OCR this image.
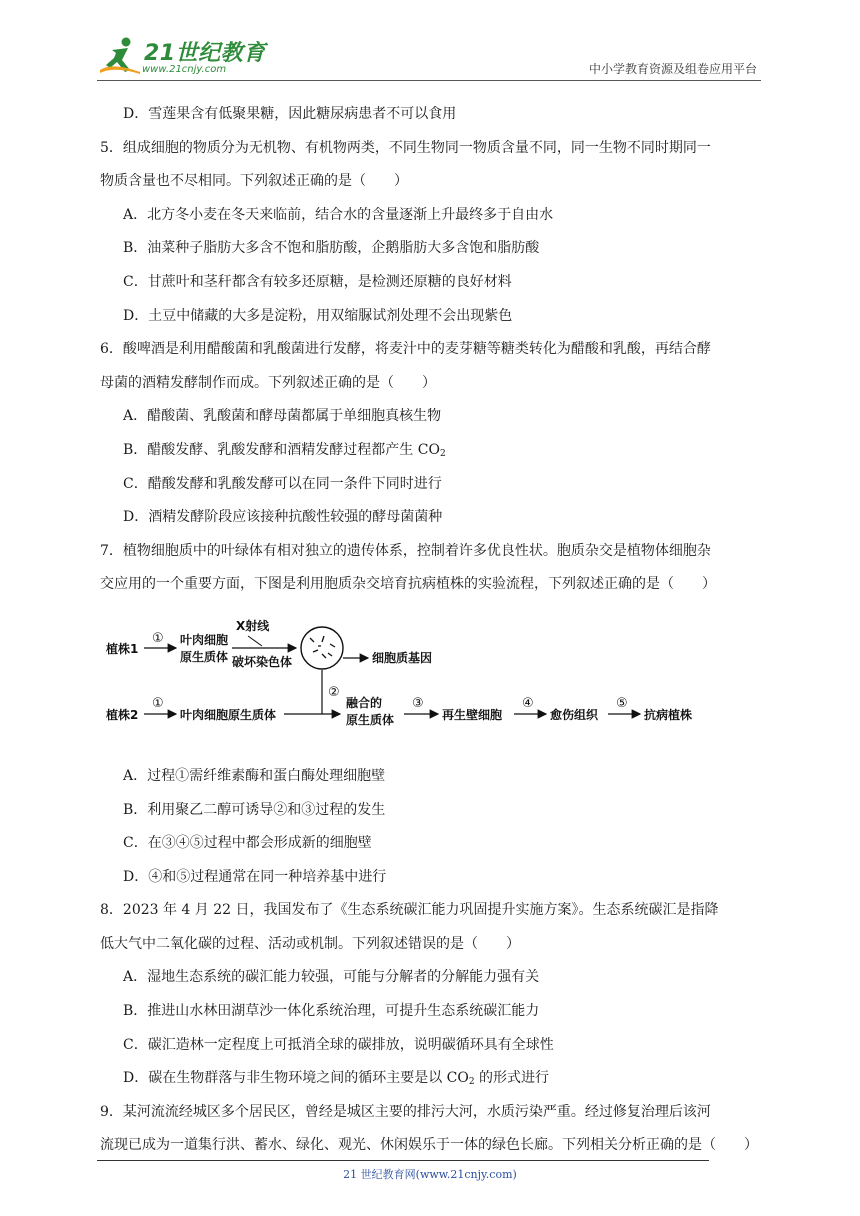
21世纪教育
www.21cnjy.com	中小学教育资源及组卷应用平台
D．雪莲果含有低聚果糖，因此糖尿病患者不可以食用
5．组成细胞的物质分为无机物、有机物两类，不同生物同一物质含量不同，同一生物不同时期同一
物质含量也不尽相同。下列叙述正确的是（　　）
A．北方冬小麦在冬天来临前，结合水的含量逐渐上升最终多于自由水
B．油菜种子脂肪大多含不饱和脂肪酸，企鹅脂肪大多含饱和脂肪酸
C．甘蔗叶和茎秆都含有较多还原糖，是检测还原糖的良好材料
D．土豆中储藏的大多是淀粉，用双缩脲试剂处理不会出现紫色
6．酸啤酒是利用醋酸菌和乳酸菌进行发酵，将麦汁中的麦芽糖等糖类转化为醋酸和乳酸，再结合酵
母菌的酒精发酵制作而成。下列叙述正确的是（　　）
A．醋酸菌、乳酸菌和酵母菌都属于单细胞真核生物
B．醋酸发酵、乳酸发酵和酒精发酵过程都产生 $CO_2$
C．醋酸发酵和乳酸发酵可以在同一条件下同时进行
D．酒精发酵阶段应该接种抗酸性较强的酵母菌菌种
7．植物细胞质中的叶绿体有相对独立的遗传体系，控制着许多优良性状。胞质杂交是植物体细胞杂
交应用的一个重要方面，下图是利用胞质杂交培育抗病植株的实验流程，下列叙述正确的是（　　）
植株1
① 叶肉细胞
原生质体
X射线
破坏染色体	细胞质基因
②
植株2
①
叶肉细胞原生质体
融合的
原生质体
③
再生壁细胞
④
愈伤组织
⑤
抗病植株
A．过程①需纤维素酶和蛋白酶处理细胞壁
B．利用聚乙二醇可诱导②和③过程的发生
C．在③④⑤过程中都会形成新的细胞壁
D．④和⑤过程通常在同一种培养基中进行
8．2023 年 4 月 22 日，我国发布了《生态系统碳汇能力巩固提升实施方案》。生态系统碳汇是指降
低大气中二氧化碳的过程、活动或机制。下列叙述错误的是（　　）
A．湿地生态系统的碳汇能力较强，可能与分解者的分解能力强有关
B．推进山水林田湖草沙一体化系统治理，可提升生态系统碳汇能力
C．碳汇造林一定程度上可抵消全球的碳排放，说明碳循环具有全球性
D．碳在生物群落与非生物环境之间的循环主要是以 $CO_2$ 的形式进行
9．某河流流经城区多个居民区，曾经是城区主要的排污大河，水质污染严重。经过修复治理后该河
流现已成为一道集行洪、蓄水、绿化、观光、休闲娱乐于一体的绿色长廊。下列相关分析正确的是（　　）
21 世纪教育网(www.21cnjy.com)
